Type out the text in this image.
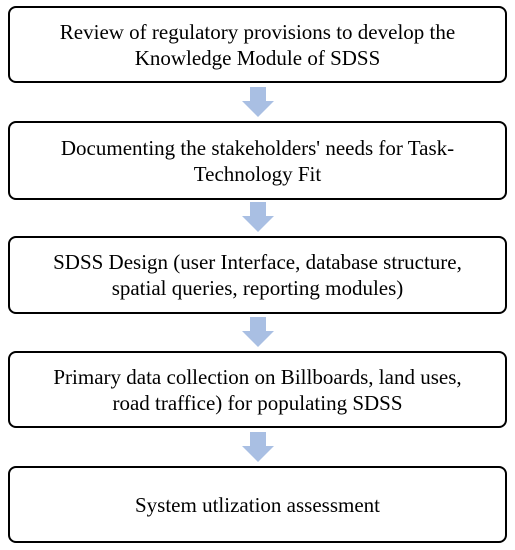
Review of regulatory provisions to develop the
Knowledge Module of SDSS
Documenting the stakeholders' needs for Task-
Technology Fit
SDSS Design (user Interface, database structure,
spatial queries, reporting modules)
Primary data collection on Billboards, land uses,
road traffice) for populating SDSS
System utlization assessment
